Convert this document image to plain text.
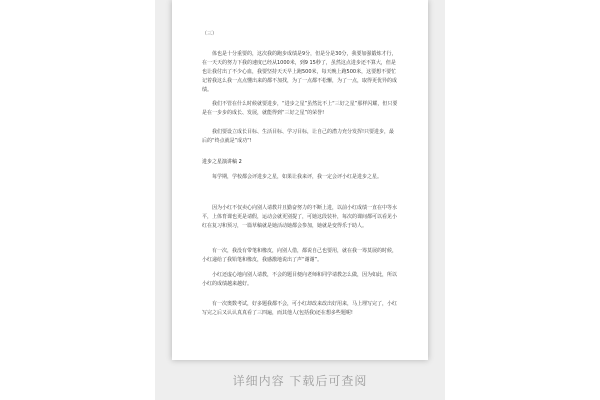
（三）

体也是十分重要的，这次我的跑步成绩是9分，但是分是30分，我要加强锻炼才行，在一天天的努力下我的速度已经从1000米，到9 15秒了，虽然这点进步还不算大，但是也让我付出了不少心血，我要坚持天天早上跑500米，每天晚上跑500米，这要想不要忙记着我这么我一点点懂出来的都不加找，为了一点都不松懈，为了一点，取得更优异的成绩。

我们不管在什么时候就要进步，“进步之星”虽然比不上“三好之星”那样闪耀，但只要是在一步步的成长、发展，就能得到“三好之星”的荣誉!

我们要设立成长目标、生活目标、学习目标，让自己的潜力充分发挥!只要进步，最后的“终点就是”成功“!

进步之星演讲稿 2

每学期，学校都会评进步之星，如果让我来评，我一定会评小红是进步之星。

因为小红不仅卖心向别人请教并且勤奋努力的不断上进，以前小红成绩一直在中等水平，上体育课也更是请假，运动会就更别提了，可她这段装补，每次的课间都可以看见小红在复习和预习，一篇草稿就是她活动她都会参加，她就是变得乐于助人。

有一次，我没有带笔和橡皮，向别人借，都说自己也要用，就在我一筹莫展的时候，小红递给了我铅笔和橡皮，我感激地说出了声“谢谢”。

小红还虚心地向别人请教，不会的题目便向老师和同学请教怎么做，因为如此，所以小红的成绩越来越好。

有一次奥数考试，好多题我都不会，可小红却改来改出好用来，马上埋写完了，小红写完之后又认认真真看了三四遍，而其他人(包括我)还在想多些题呢!

详细内容 下载后可查阅
